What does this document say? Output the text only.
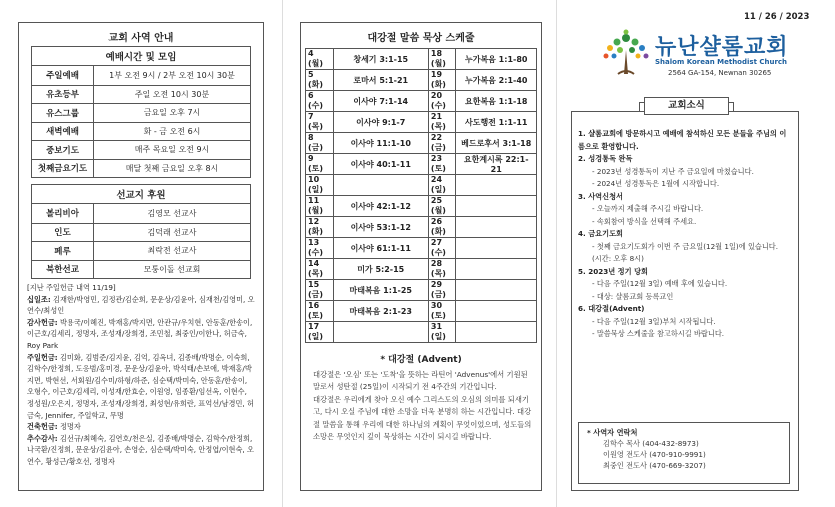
교회 사역 안내
예배시간 및 모임
주일예배	1부 오전 9시 / 2부 오전 10시 30분
유초등부	주일 오전 10시 30분
유스그룹	금요일 오후 7시
새벽예배	화 - 금 오전 6시
중보기도	매주 목요일 오전 9시
첫째금요기도	매달 첫째 금요일 오후 8시
선교지 후원
볼리비아	김영모 선교사
인도	김덕래 선교사
페루	최락전 선교사
북한선교	모퉁이돌 선교회
[지난 주일헌금 내역 11/19]
십일조: 김재한/박영민, 김정관/김순희, 문운상/김윤아, 심재천/김영미, 오연수/최성인
감사헌금: 박용국/이혜진, 박재홍/박지면, 안관규/우치현, 안동훈/한송이, 이근호/김세리, 정명자, 조성재/장희경, 조민철, 최중인/이한나, 허금숙, Roy Park
주일헌금: 김미화, 김범준/김지윤, 김억, 김옥녀, 김종배/박명순, 이숙희, 김학수/한정희, 도응범/홍미경, 문운상/김윤아, 박석태/손보애, 박재홍/박지면, 박현선, 서회원/김수미/하형/하준, 심순택/박미숙, 안동훈/한송이, 오형수, 이근호/김세리, 이성재/한효순, 이원영, 임종환/임선옥, 이현수, 정성원/오은지, 정명자, 조성재/장희경, 최성현/유희란, 표억선/남경민, 허금숙, Jennifer, 주일학교, 무명
건축헌금: 정명자
추수감사: 김선규/최혜숙, 김연호/천은실, 김종배/박명순, 김학수/한정희, 나국환/진정희, 문운상/김윤아, 손영순, 심순택/박미숙, 안정엽/이현숙, 오연수, 황성근/황호선, 정명자
대강절 말씀 묵상 스케줄
4 (월)	창세기 3:1-15	18 (월)	누가복음 1:1-80
5 (화)	로마서 5:1-21	19 (화)	누가복음 2:1-40
6 (수)	이사야 7:1-14	20 (수)	요한복음 1:1-18
7 (목)	이사야 9:1-7	21 (목)	사도행전 1:1-11
8 (금)	이사야 11:1-10	22 (금)	베드로후서 3:1-18
9 (토)	이사야 40:1-11	23 (토)	요한계시록 22:1-21
10 (일)		24 (일)	
11 (월)	이사야 42:1-12	25 (월)	
12 (화)	이사야 53:1-12	26 (화)	
13 (수)	이사야 61:1-11	27 (수)	
14 (목)	미가 5:2-15	28 (목)	
15 (금)	마태복음 1:1-25	29 (금)	
16 (토)	마태복음 2:1-23	30 (토)	
17 (일)		31 (일)	
* 대강절 (Advent)

대강절은 '오심' 또는 '도착'을 뜻하는 라틴어 'Advenus'에서 기원된 말로서 성탄절 (25일)이 시작되기 전 4주간의 기간입니다.

대강절은 우리에게 찾아 오신 예수 그리스도의 오심의 의미를 되새기고, 다시 오실 주님에 대한 소망을 더욱 분명히 하는 시간입니다. 대강절 말씀을 통해 우리에 대한 하나님의 계획이 무엇이었으며, 성도들의 소망은 무엇인지 깊이 묵상하는 시간이 되시길 바랍니다.

11 / 26 / 2023
뉴난샬롬교회
Shalom Korean Methodist Church
2564 GA-154, Newnan 30265
교회소식
1. 샬롬교회에 방문하시고 예배에 참석하신 모든 분들을 주님의 이름으로 환영합니다.
2. 성경통독 완독
- 2023년 성경통독이 지난 주 금요일에 마쳤습니다.
- 2024년 성경통독은 1월에 시작합니다.
3. 사역신청서
- 오늘까지 제출해 주시길 바랍니다.
- 속회참여 방식을 선택해 주세요.
4. 금요기도회
- 첫째 금요기도회가 이번 주 금요일(12월 1일)에 있습니다. (시간: 오후 8시)
5. 2023년 정기 당회
- 다음 주일(12월 3일) 예배 후에 있습니다.
- 대상: 샬롬교회 등록교인
6. 대강절(Advent)
- 다음 주일(12월 3일)부처 시작됩니다.
- 말씀묵상 스케줄을 참고하시길 바랍니다.
* 사역자 연락처
김학수 목사 (404-432-8973)
이원영 전도사 (470-910-9991)
최중인 전도사 (470-669-3207)
